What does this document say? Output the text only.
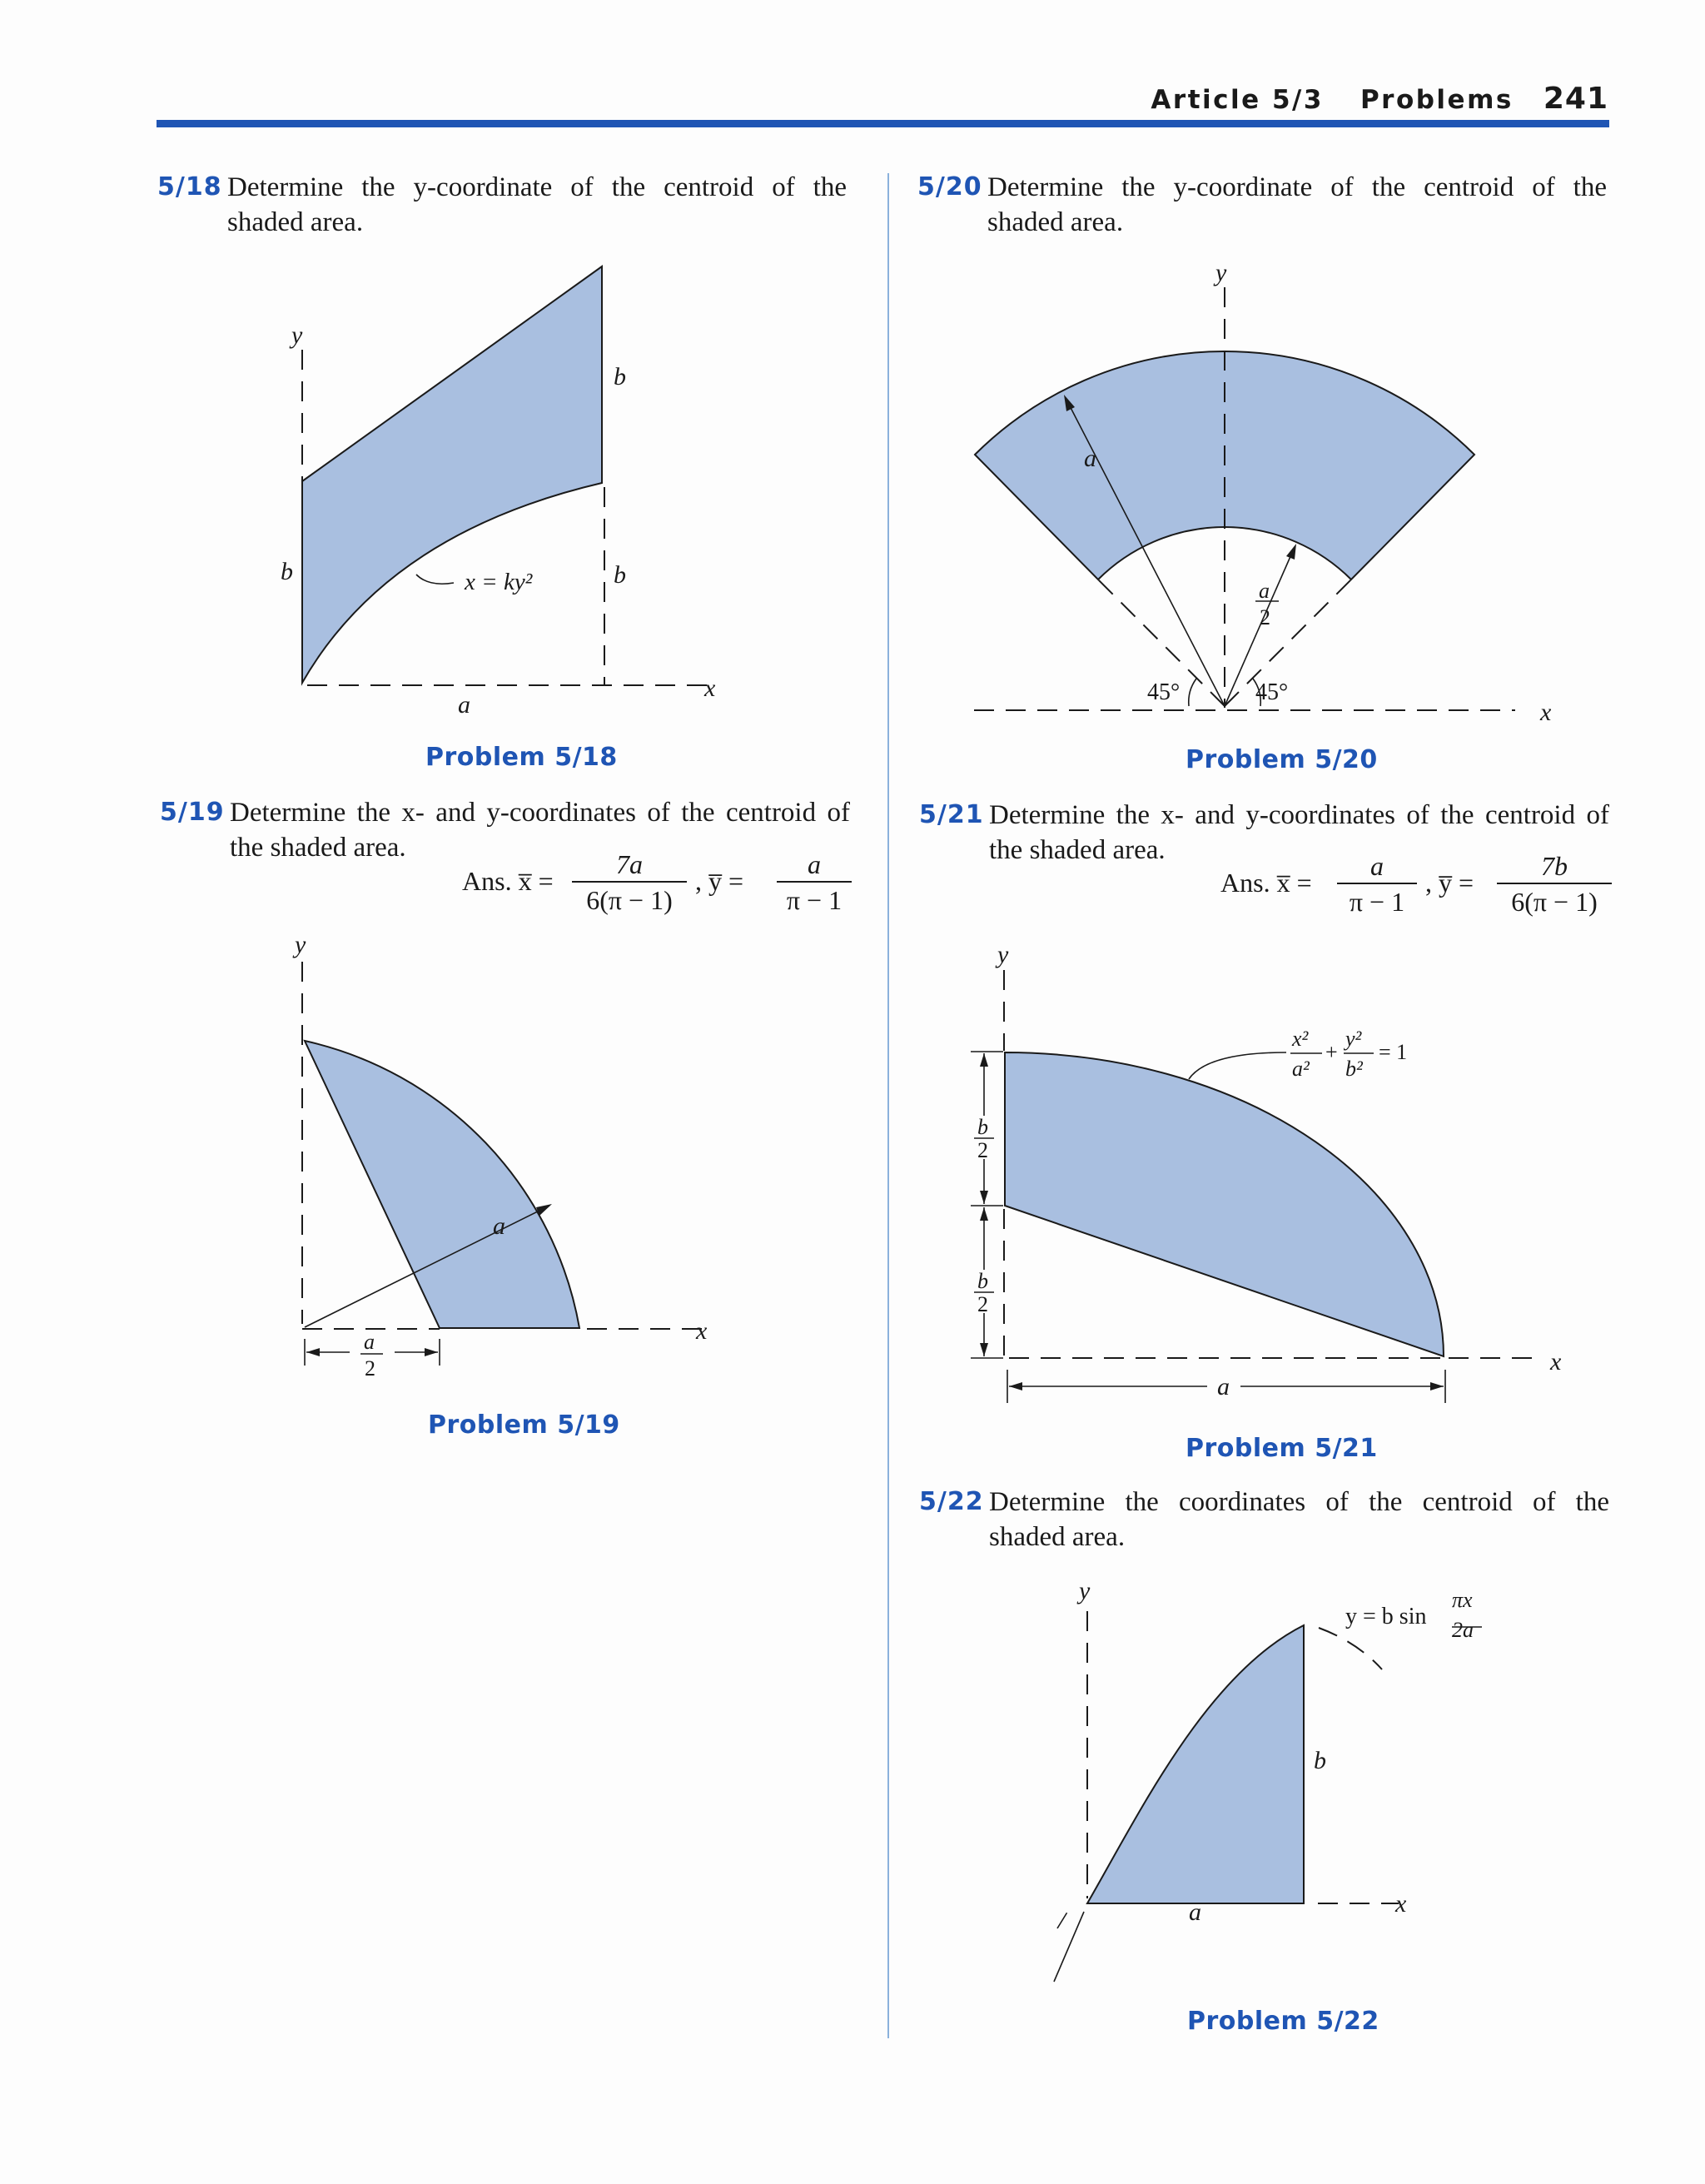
Article 5/3 Problems 241
5/18 Determine the y-coordinate of the centroid of the
shaded area.
y
x
b
b
b
a
x = ky²
Problem 5/18
5/19 Determine the x- and y-coordinates of the centroid of
the shaded area.
Ans. x̅ = $\frac{7a}{6(\pi - 1)}$ , y̅ = $\frac{a}{\pi - 1}$
y
x
a
a
2
Problem 5/19
5/20 Determine the y-coordinate of the centroid of the
shaded area.
y
x
a
a
2
45°	45°
Problem 5/20
5/21 Determine the x- and y-coordinates of the centroid of
the shaded area.
Ans. x̅ = $\frac{a}{\pi - 1}$ , y̅ = $\frac{7b}{6(\pi - 1)}$
y
x
a
b
2
b
2
x²
a²
+
y²
b²
= 1
Problem 5/21
5/22 Determine the coordinates of the centroid of the
shaded area.
y
x
a
b
y = b sin
πx
2a
Problem 5/22
